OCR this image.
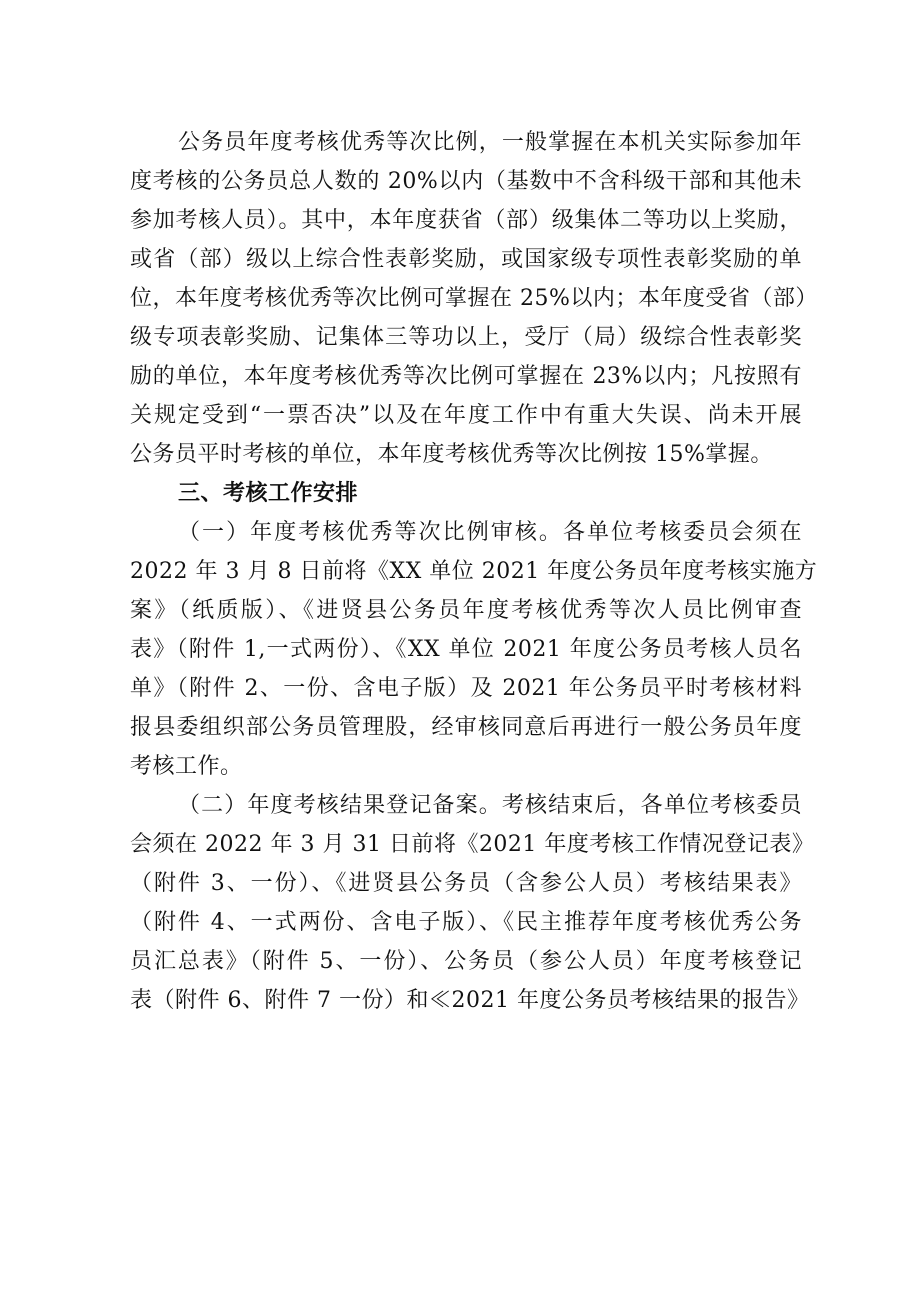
公务员年度考核优秀等次比例，一般掌握在本机关实际参加年
度考核的公务员总人数的 20%以内（基数中不含科级干部和其他未
参加考核人员）。其中，本年度获省（部）级集体二等功以上奖励，
或省（部）级以上综合性表彰奖励，或国家级专项性表彰奖励的单
位，本年度考核优秀等次比例可掌握在 25%以内；本年度受省（部）
级专项表彰奖励、记集体三等功以上，受厅（局）级综合性表彰奖
励的单位，本年度考核优秀等次比例可掌握在 23%以内；凡按照有
关规定受到“一票否决”以及在年度工作中有重大失误、尚未开展
公务员平时考核的单位，本年度考核优秀等次比例按 15%掌握。
三、考核工作安排
（一）年度考核优秀等次比例审核。各单位考核委员会须在
2022 年 3 月 8 日前将《XX 单位 2021 年度公务员年度考核实施方
案》（纸质版）、《进贤县公务员年度考核优秀等次人员比例审查
表》（附件 1,一式两份）、《XX 单位 2021 年度公务员考核人员名
单》（附件 2、一份、含电子版）及 2021 年公务员平时考核材料
报县委组织部公务员管理股，经审核同意后再进行一般公务员年度
考核工作。
（二）年度考核结果登记备案。考核结束后，各单位考核委员
会须在 2022 年 3 月 31 日前将《2021 年度考核工作情况登记表》
（附件 3、一份）、《进贤县公务员（含参公人员）考核结果表》
（附件 4、一式两份、含电子版）、《民主推荐年度考核优秀公务
员汇总表》（附件 5、一份）、公务员（参公人员）年度考核登记
表（附件 6、附件 7 一份）和≪2021 年度公务员考核结果的报告》
